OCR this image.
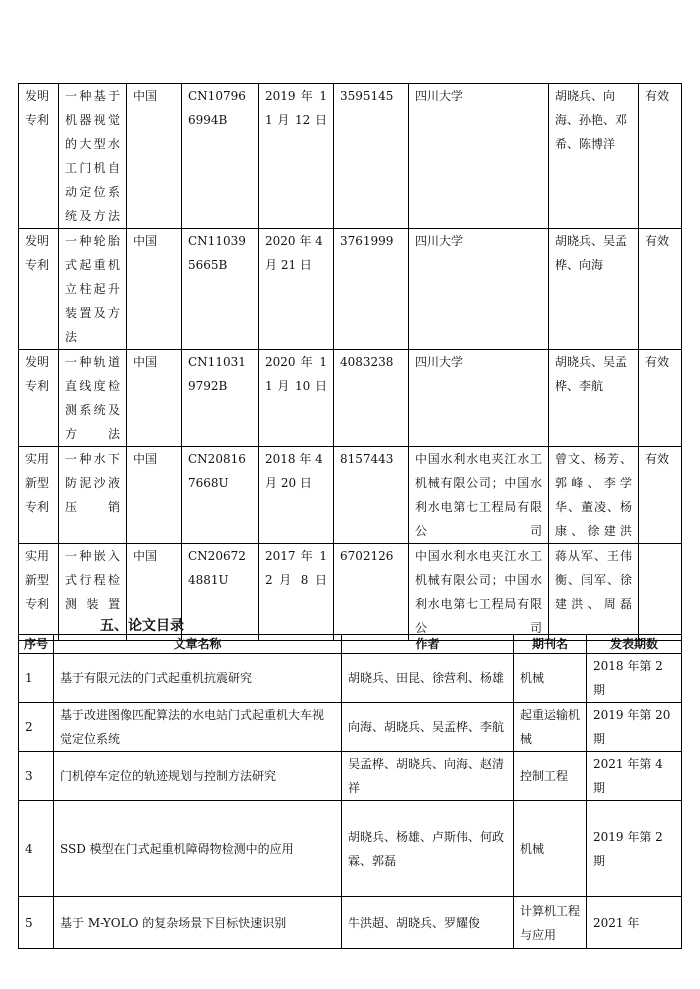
发明专利	一种基于机器视觉的大型水工门机自动定位系统及方法	中国	CN107966994B	2019 年 11 月 12 日	3595145	四川大学	胡晓兵、向海、孙艳、邓希、陈博洋	有效
发明专利	一种轮胎式起重机立柱起升装置及方法	中国	CN110395665B	2020 年 4 月 21 日	3761999	四川大学	胡晓兵、吴孟桦、向海	有效
发明专利	一种轨道直线度检测系统及方法	中国	CN110319792B	2020 年 11 月 10 日	4083238	四川大学	胡晓兵、吴孟桦、李航	有效
实用新型专利	一种水下防泥沙液压销	中国	CN208167668U	2018 年 4 月 20 日	8157443	中国水利水电夹江水工机械有限公司；中国水利水电第七工程局有限公司	曾文、杨芳、郭峰、李学华、董凌、杨康、徐建洪	有效
实用新型专利	一种嵌入式行程检测装置	中国	CN206724881U	2017 年 12 月 8 日	6702126	中国水利水电夹江水工机械有限公司；中国水利水电第七工程局有限公司	蒋从军、王伟衡、闫军、徐建洪、周磊	
五、论文目录
序号	文章名称	作者	期刊名	发表期数
1	基于有限元法的门式起重机抗震研究	胡晓兵、田昆、徐营利、杨雄	机械	2018 年第 2 期
2	基于改进图像匹配算法的水电站门式起重机大车视觉定位系统	向海、胡晓兵、吴孟桦、李航	起重运输机械	2019 年第 20 期
3	门机停车定位的轨迹规划与控制方法研究	吴孟桦、胡晓兵、向海、赵清祥	控制工程	2021 年第 4 期
4	SSD 模型在门式起重机障碍物检测中的应用	胡晓兵、杨雄、卢斯伟、何政霖、郭磊	机械	2019 年第 2 期
5	基于 M-YOLO 的复杂场景下目标快速识别	牛洪超、胡晓兵、罗耀俊	计算机工程与应用	2021 年
